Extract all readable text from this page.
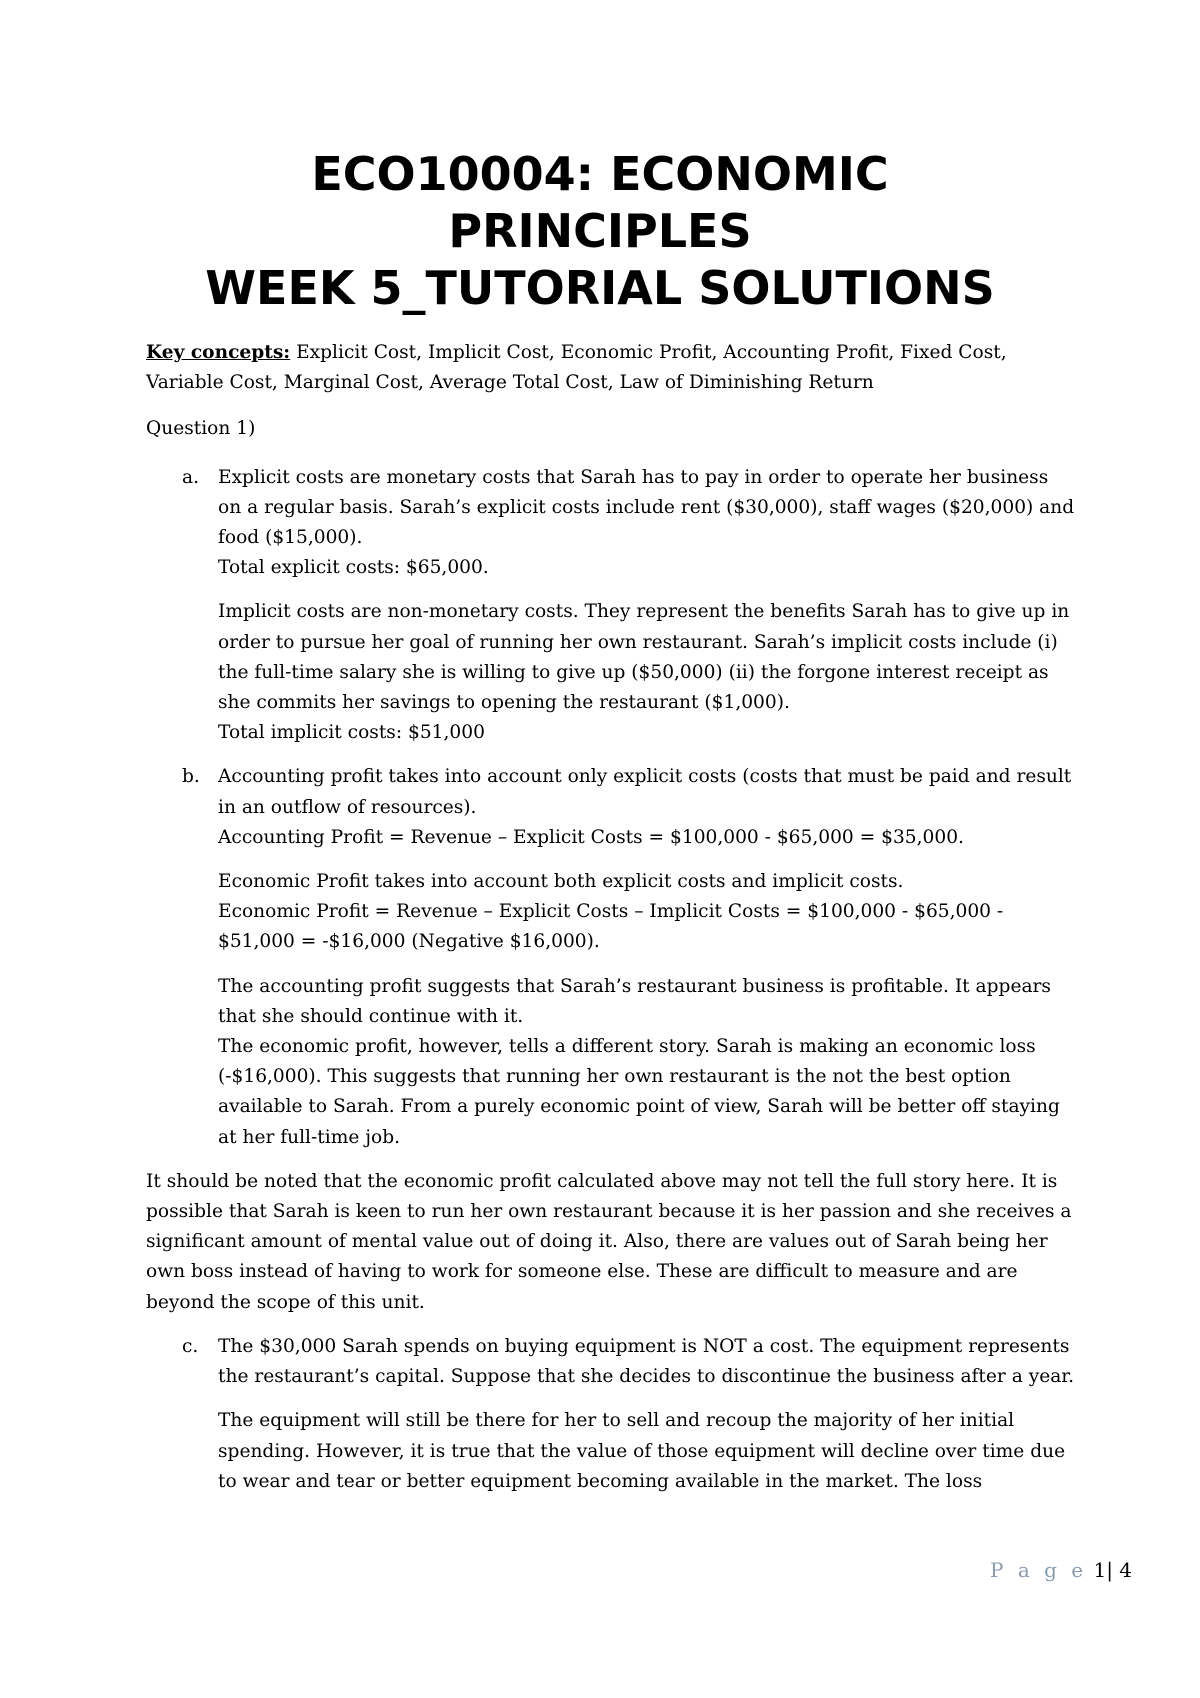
ECO10004: ECONOMIC
PRINCIPLES
WEEK 5_TUTORIAL SOLUTIONS

Key concepts: Explicit Cost, Implicit Cost, Economic Profit, Accounting Profit, Fixed Cost, Variable Cost, Marginal Cost, Average Total Cost, Law of Diminishing Return

Question 1)

a. Explicit costs are monetary costs that Sarah has to pay in order to operate her business on a regular basis. Sarah’s explicit costs include rent ($30,000), staff wages ($20,000) and food ($15,000).

Total explicit costs: $65,000.

Implicit costs are non-monetary costs. They represent the benefits Sarah has to give up in order to pursue her goal of running her own restaurant. Sarah’s implicit costs include (i) the full-time salary she is willing to give up ($50,000) (ii) the forgone interest receipt as she commits her savings to opening the restaurant ($1,000).

Total implicit costs: $51,000

b. Accounting profit takes into account only explicit costs (costs that must be paid and result in an outflow of resources).

Accounting Profit = Revenue – Explicit Costs = $100,000 - $65,000 = $35,000.

Economic Profit takes into account both explicit costs and implicit costs.

Economic Profit = Revenue – Explicit Costs – Implicit Costs = $100,000 - $65,000 - $51,000 = -$16,000 (Negative $16,000).

The accounting profit suggests that Sarah’s restaurant business is profitable. It appears that she should continue with it.

The economic profit, however, tells a different story. Sarah is making an economic loss (-$16,000). This suggests that running her own restaurant is the not the best option available to Sarah. From a purely economic point of view, Sarah will be better off staying at her full-time job.

It should be noted that the economic profit calculated above may not tell the full story here. It is possible that Sarah is keen to run her own restaurant because it is her passion and she receives a significant amount of mental value out of doing it. Also, there are values out of Sarah being her own boss instead of having to work for someone else. These are difficult to measure and are beyond the scope of this unit.

c. The $30,000 Sarah spends on buying equipment is NOT a cost. The equipment represents the restaurant’s capital. Suppose that she decides to discontinue the business after a year.

The equipment will still be there for her to sell and recoup the majority of her initial spending. However, it is true that the value of those equipment will decline over time due to wear and tear or better equipment becoming available in the market. The loss

P a g e 1| 4
